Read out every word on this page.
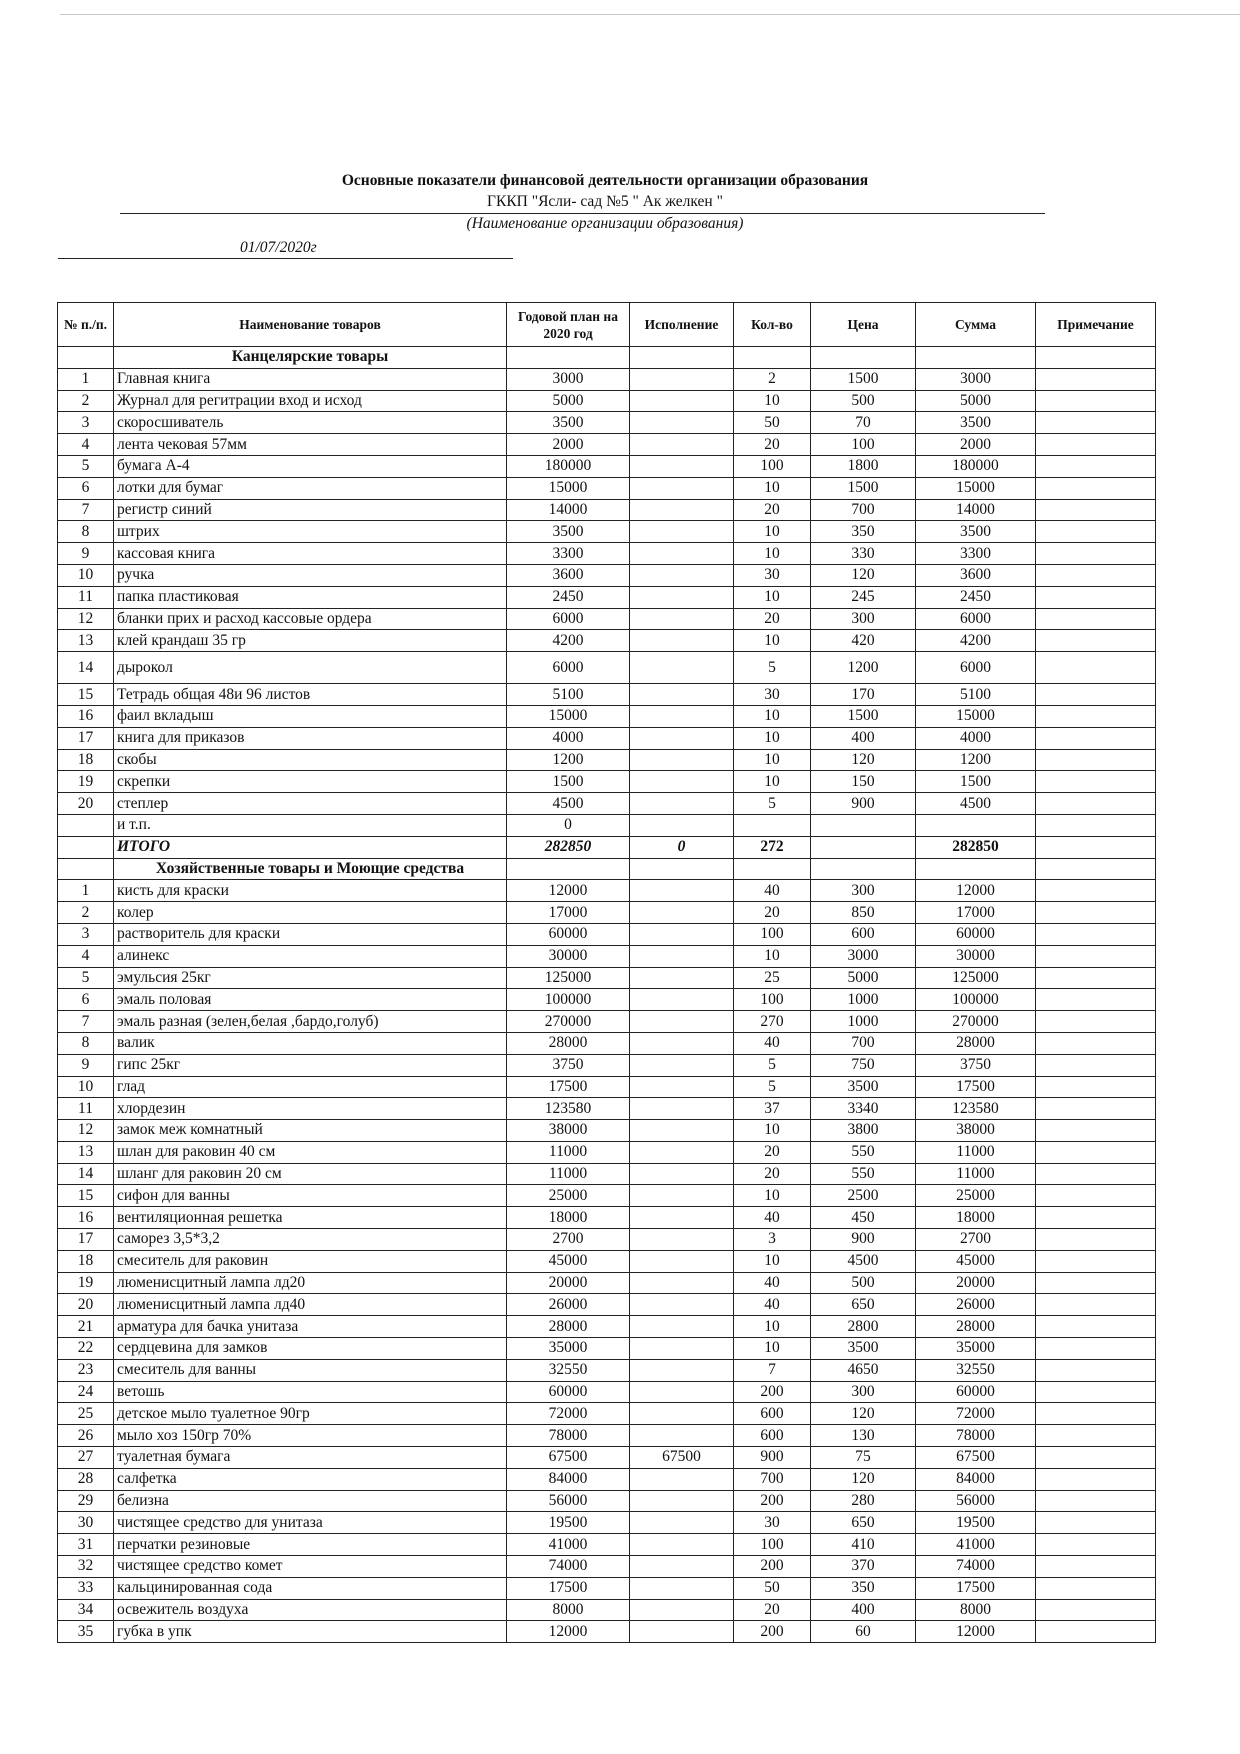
Основные показатели финансовой деятельности организации образования
ГККП "Ясли- сад №5 " Ак желкен "
(Наименование организации образования)
01/07/2020г
№ п./п.	Наименование товаров	Годовой план на 2020 год	Исполнение	Кол-во	Цена	Сумма	Примечание
	Канцелярские товары						
1	Главная книга	3000		2	1500	3000	
2	Журнал для регитрации вход и исход	5000		10	500	5000	
3	скоросшиватель	3500		50	70	3500	
4	лента чековая 57мм	2000		20	100	2000	
5	бумага А-4	180000		100	1800	180000	
6	лотки для бумаг	15000		10	1500	15000	
7	регистр синий	14000		20	700	14000	
8	штрих	3500		10	350	3500	
9	кассовая книга	3300		10	330	3300	
10	ручка	3600		30	120	3600	
11	папка пластиковая	2450		10	245	2450	
12	бланки прих и расход кассовые ордера	6000		20	300	6000	
13	клей крандаш 35 гр	4200		10	420	4200	
14	дырокол	6000		5	1200	6000	
15	Тетрадь общая 48и 96 листов	5100		30	170	5100	
16	фаил вкладыш	15000		10	1500	15000	
17	книга для приказов	4000		10	400	4000	
18	скобы	1200		10	120	1200	
19	скрепки	1500		10	150	1500	
20	степлер	4500		5	900	4500	
	и т.п.	0					
	ИТОГО	282850	0	272		282850	
	Хозяйственные товары и Моющие средства						
1	кисть для краски	12000		40	300	12000	
2	колер	17000		20	850	17000	
3	растворитель для краски	60000		100	600	60000	
4	алинекс	30000		10	3000	30000	
5	эмульсия 25кг	125000		25	5000	125000	
6	эмаль половая	100000		100	1000	100000	
7	эмаль разная (зелен,белая ,бардо,голуб)	270000		270	1000	270000	
8	валик	28000		40	700	28000	
9	гипс 25кг	3750		5	750	3750	
10	глад	17500		5	3500	17500	
11	хлордезин	123580		37	3340	123580	
12	замок меж комнатный	38000		10	3800	38000	
13	шлан для раковин 40 см	11000		20	550	11000	
14	шланг для раковин 20 см	11000		20	550	11000	
15	сифон для ванны	25000		10	2500	25000	
16	вентиляционная решетка	18000		40	450	18000	
17	саморез 3,5*3,2	2700		3	900	2700	
18	смеситель для раковин	45000		10	4500	45000	
19	люменисцитный лампа лд20	20000		40	500	20000	
20	люменисцитный лампа лд40	26000		40	650	26000	
21	арматура для бачка унитаза	28000		10	2800	28000	
22	сердцевина для замков	35000		10	3500	35000	
23	смеситель для ванны	32550		7	4650	32550	
24	ветошь	60000		200	300	60000	
25	детское мыло туалетное 90гр	72000		600	120	72000	
26	мыло хоз 150гр 70%	78000		600	130	78000	
27	туалетная бумага	67500	67500	900	75	67500	
28	салфетка	84000		700	120	84000	
29	белизна	56000		200	280	56000	
30	чистящее средство для унитаза	19500		30	650	19500	
31	перчатки резиновые	41000		100	410	41000	
32	чистящее средство комет	74000		200	370	74000	
33	кальцинированная сода	17500		50	350	17500	
34	освежитель воздуха	8000		20	400	8000	
35	губка в упк	12000		200	60	12000	
